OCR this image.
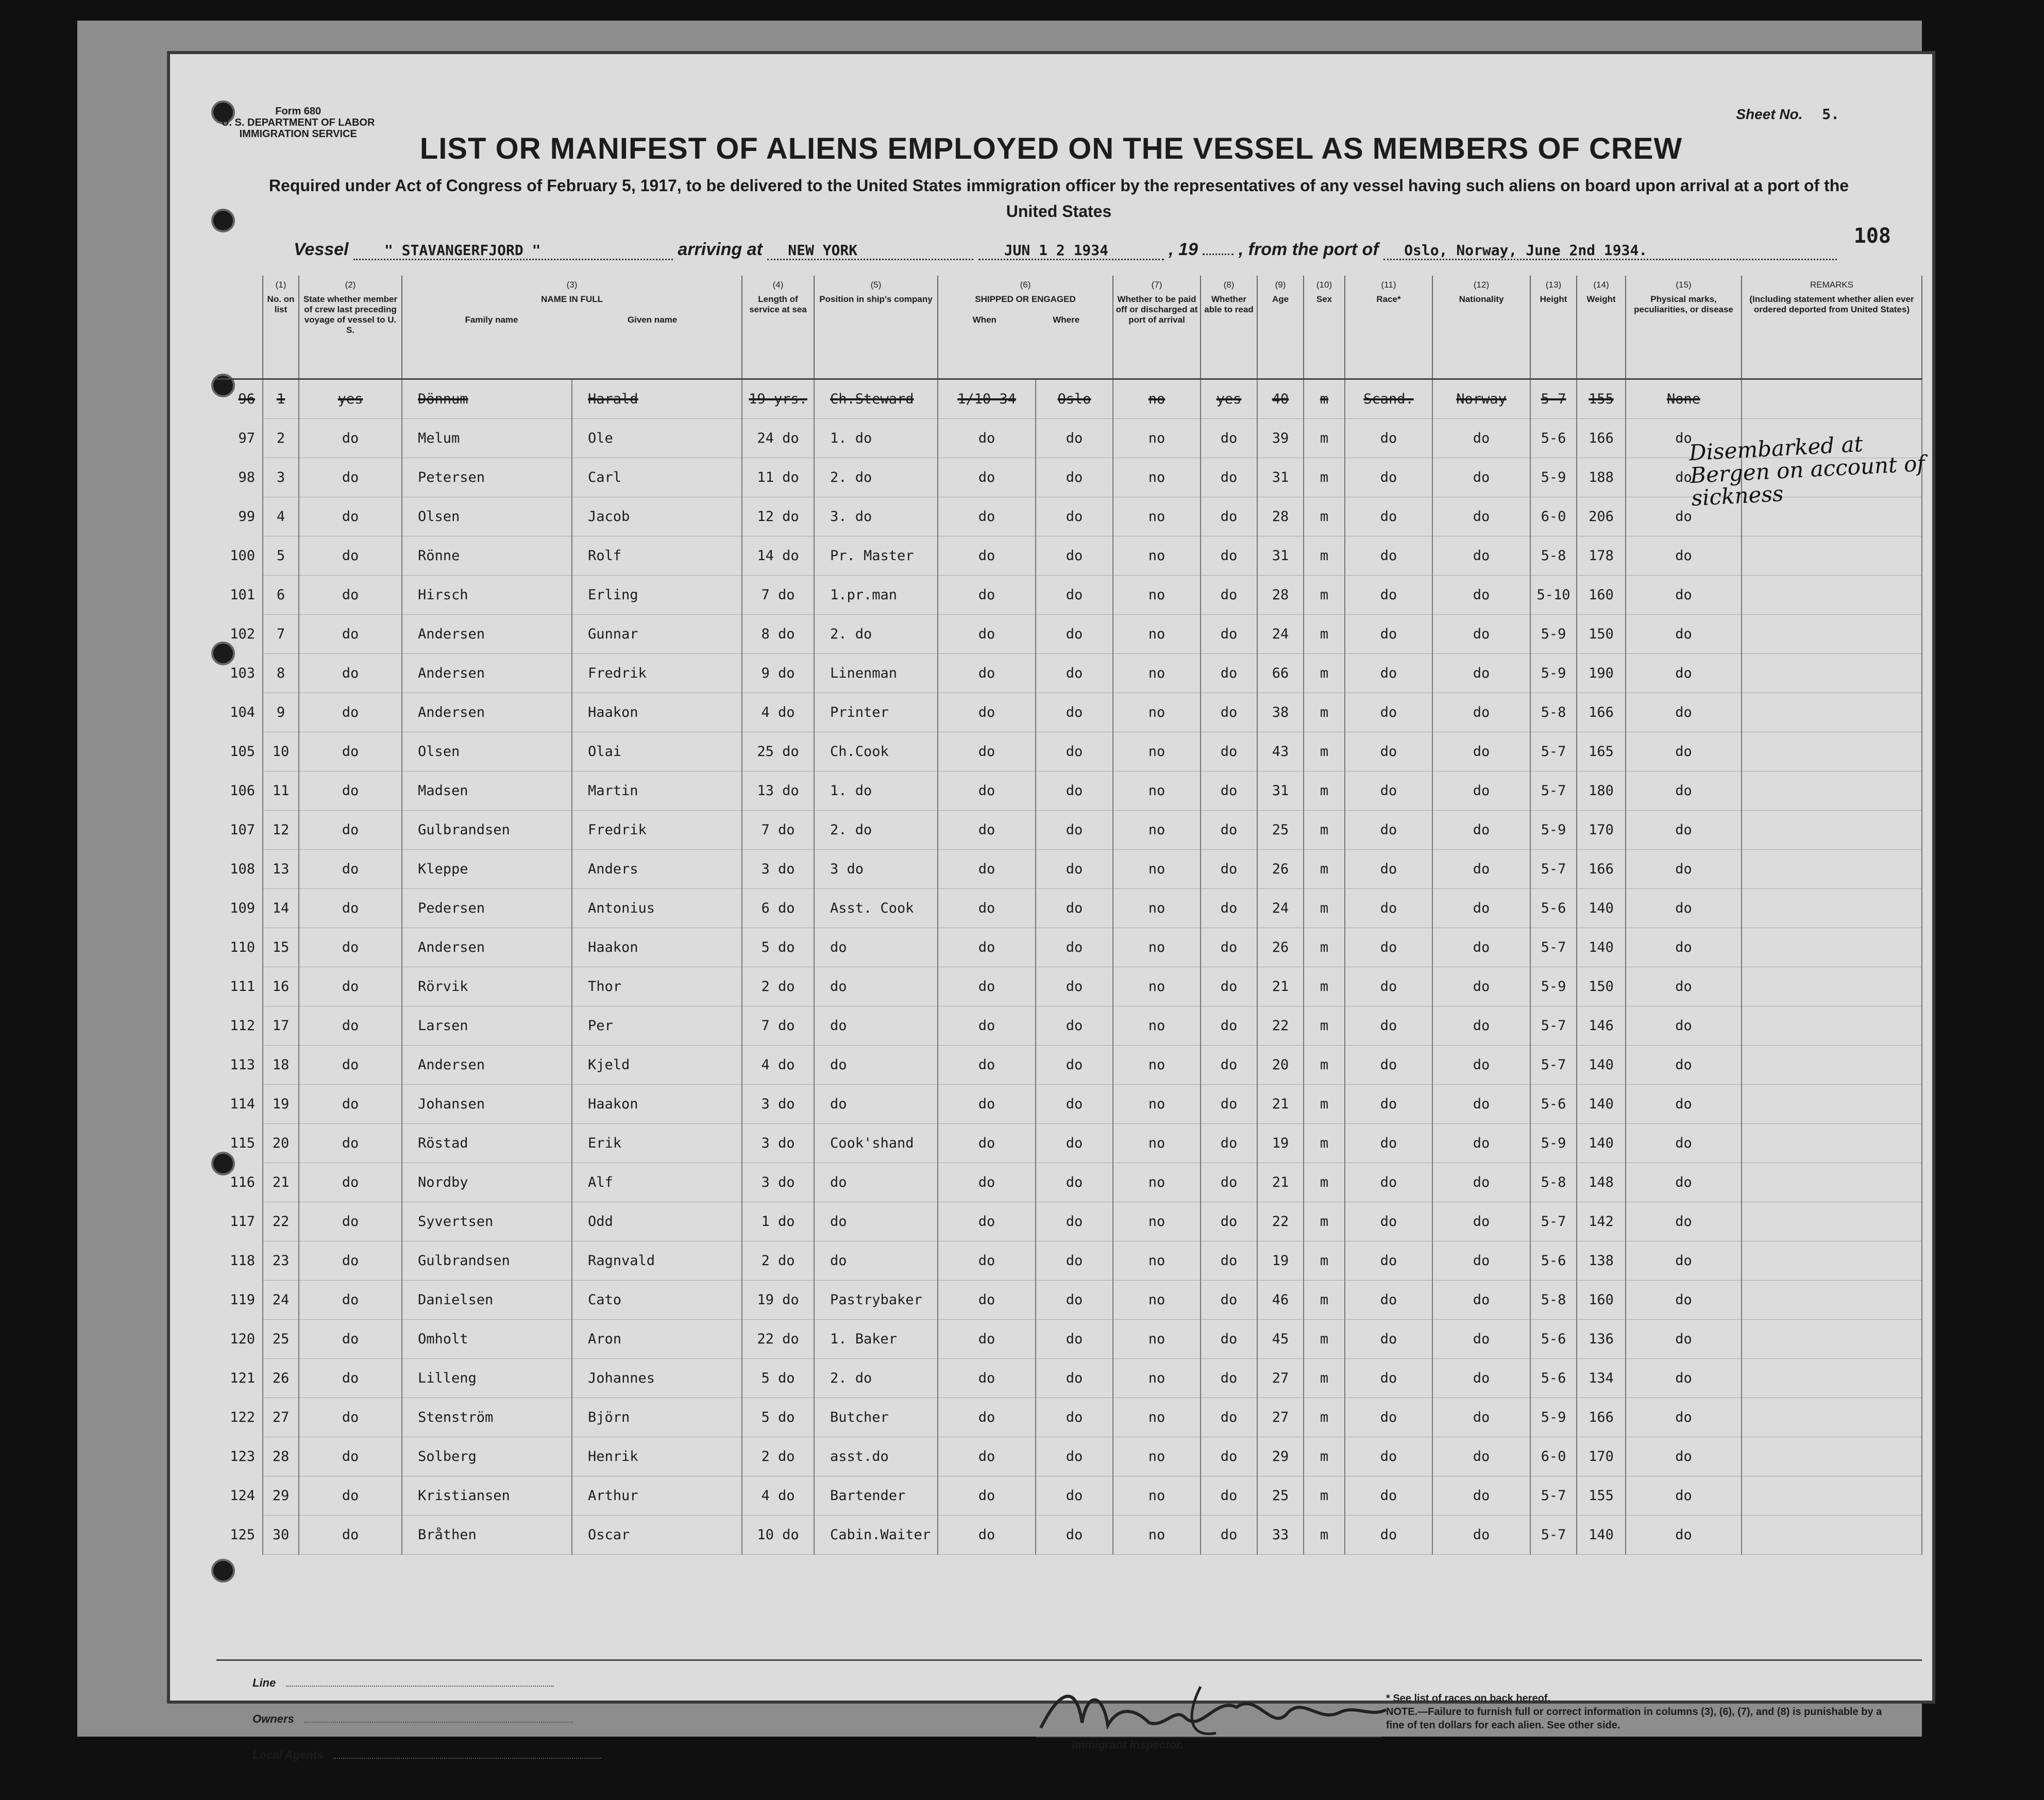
Form 680
U. S. DEPARTMENT OF LABOR
IMMIGRATION SERVICE
Sheet No. 5.
LIST OR MANIFEST OF ALIENS EMPLOYED ON THE VESSEL AS MEMBERS OF CREW
Required under Act of Congress of February 5, 1917, to be delivered to the United States immigration officer by the representatives of any vessel having such aliens on board upon arrival at a port of the United States
108
Vessel " STAVANGERFJORD "	arriving at NEW YORK	JUN 1 2 1934	, 19 , from the port of Oslo, Norway, June 2nd 1934.

	(1)
No. on list	(2)
State whether member of crew last preceding voyage of vessel to U. S.	(3)
NAME IN FULL

Family name Given name		(4)
Length of service at sea	(5)
Position in ship's company	(6)
SHIPPED OR ENGAGED

When Where		(7)
Whether to be paid off or discharged at port of arrival	(8)
Whether able to read	(9)
Age	(10)
Sex	(11)
Race*	(12)
Nationality	(13)
Height	(14)
Weight	(15)
Physical marks, peculiarities, or disease	REMARKS
(Including statement whether alien ever ordered deported from United States)
96	1	yes	Dönnum	Harald	19 yrs.	Ch.Steward	1/10-34	Oslo	no	yes	40	m	Scand.	Norway	5-7	155	None	
97	2	do	Melum	Ole	24 do	1. do	do	do	no	do	39	m	do	do	5-6	166	do	
98	3	do	Petersen	Carl	11 do	2. do	do	do	no	do	31	m	do	do	5-9	188	do	
99	4	do	Olsen	Jacob	12 do	3. do	do	do	no	do	28	m	do	do	6-0	206	do	
100	5	do	Rönne	Rolf	14 do	Pr. Master	do	do	no	do	31	m	do	do	5-8	178	do	
101	6	do	Hirsch	Erling	7 do	1.pr.man	do	do	no	do	28	m	do	do	5-10	160	do	
102	7	do	Andersen	Gunnar	8 do	2. do	do	do	no	do	24	m	do	do	5-9	150	do	
103	8	do	Andersen	Fredrik	9 do	Linenman	do	do	no	do	66	m	do	do	5-9	190	do	
104	9	do	Andersen	Haakon	4 do	Printer	do	do	no	do	38	m	do	do	5-8	166	do	
105	10	do	Olsen	Olai	25 do	Ch.Cook	do	do	no	do	43	m	do	do	5-7	165	do	
106	11	do	Madsen	Martin	13 do	1. do	do	do	no	do	31	m	do	do	5-7	180	do	
107	12	do	Gulbrandsen	Fredrik	7 do	2. do	do	do	no	do	25	m	do	do	5-9	170	do	
108	13	do	Kleppe	Anders	3 do	3 do	do	do	no	do	26	m	do	do	5-7	166	do	
109	14	do	Pedersen	Antonius	6 do	Asst. Cook	do	do	no	do	24	m	do	do	5-6	140	do	
110	15	do	Andersen	Haakon	5 do	do	do	do	no	do	26	m	do	do	5-7	140	do	
111	16	do	Rörvik	Thor	2 do	do	do	do	no	do	21	m	do	do	5-9	150	do	
112	17	do	Larsen	Per	7 do	do	do	do	no	do	22	m	do	do	5-7	146	do	
113	18	do	Andersen	Kjeld	4 do	do	do	do	no	do	20	m	do	do	5-7	140	do	
114	19	do	Johansen	Haakon	3 do	do	do	do	no	do	21	m	do	do	5-6	140	do	
115	20	do	Röstad	Erik	3 do	Cook'shand	do	do	no	do	19	m	do	do	5-9	140	do	
116	21	do	Nordby	Alf	3 do	do	do	do	no	do	21	m	do	do	5-8	148	do	
117	22	do	Syvertsen	Odd	1 do	do	do	do	no	do	22	m	do	do	5-7	142	do	
118	23	do	Gulbrandsen	Ragnvald	2 do	do	do	do	no	do	19	m	do	do	5-6	138	do	
119	24	do	Danielsen	Cato	19 do	Pastrybaker	do	do	no	do	46	m	do	do	5-8	160	do	
120	25	do	Omholt	Aron	22 do	1. Baker	do	do	no	do	45	m	do	do	5-6	136	do	
121	26	do	Lilleng	Johannes	5 do	2. do	do	do	no	do	27	m	do	do	5-6	134	do	
122	27	do	Stenström	Björn	5 do	Butcher	do	do	no	do	27	m	do	do	5-9	166	do	
123	28	do	Solberg	Henrik	2 do	asst.do	do	do	no	do	29	m	do	do	6-0	170	do	
124	29	do	Kristiansen	Arthur	4 do	Bartender	do	do	no	do	25	m	do	do	5-7	155	do	
125	30	do	Bråthen	Oscar	10 do	Cabin.Waiter	do	do	no	do	33	m	do	do	5-7	140	do	
Disembarked at Bergen on account of sickness
Line
Owners
Local Agents
Immigrant Inspector.
* See list of races on back hereof.
NOTE.—Failure to furnish full or correct information in columns (3), (6), (7), and (8) is punishable by a fine of ten dollars for each alien. See other side.
